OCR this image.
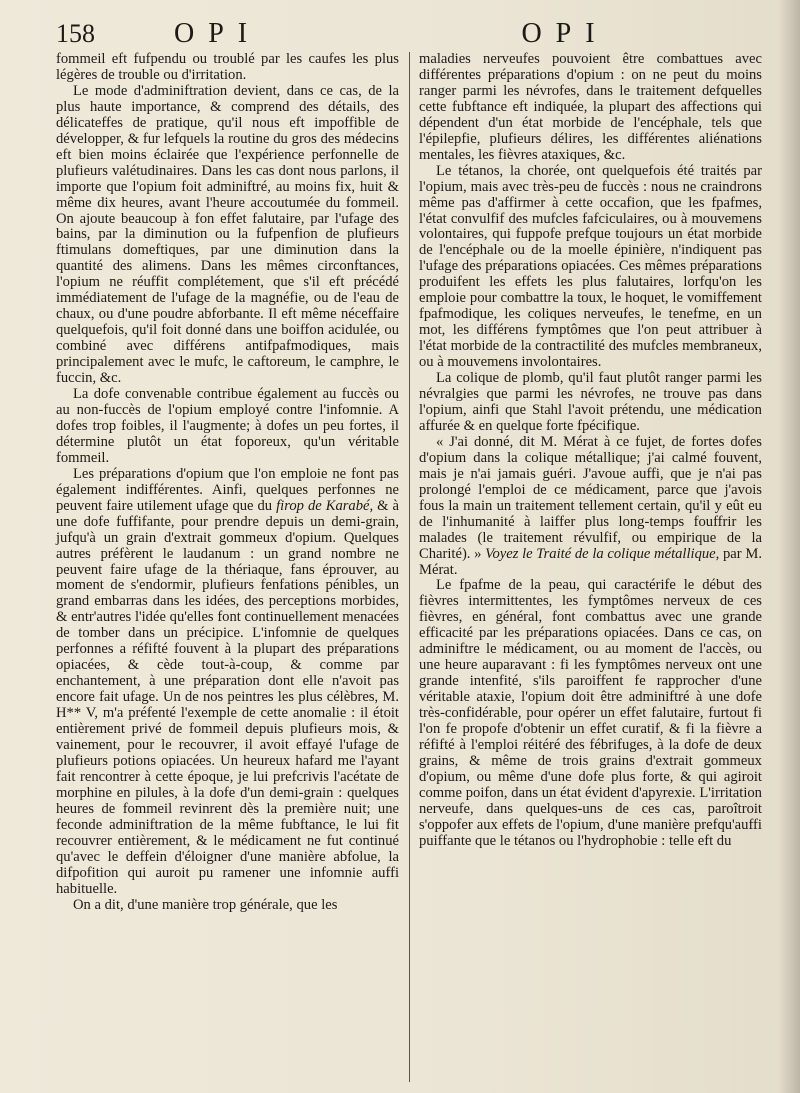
158	OPI	OPI

fommeil eft fufpendu ou troublé par les caufes les plus légères de trouble ou d'irritation.

Le mode d'adminiftration devient, dans ce cas, de la plus haute importance, & comprend des détails, des délicateffes de pratique, qu'il nous eft impoffible de développer, & fur lefquels la routine du gros des médecins eft bien moins éclairée que l'expérience perfonnelle de plufieurs valétudinaires. Dans les cas dont nous parlons, il importe que l'opium foit adminiftré, au moins fix, huit & même dix heures, avant l'heure accoutumée du fommeil. On ajoute beaucoup à fon effet falutaire, par l'ufage des bains, par la diminution ou la fufpenfion de plufieurs ftimulans domeftiques, par une diminution dans la quantité des alimens. Dans les mêmes circonftances, l'opium ne réuffit complétement, que s'il eft précédé immédiatement de l'ufage de la magnéfie, ou de l'eau de chaux, ou d'une poudre abforbante. Il eft même néceffaire quelquefois, qu'il foit donné dans une boiffon acidulée, ou combiné avec différens antifpafmodiques, mais principalement avec le mufc, le caftoreum, le camphre, le fuccin, &c.

La dofe convenable contribue également au fuccès ou au non-fuccès de l'opium employé contre l'infomnie. A dofes trop foibles, il l'augmente; à dofes un peu fortes, il détermine plutôt un état foporeux, qu'un véritable fommeil.

Les préparations d'opium que l'on emploie ne font pas également indifférentes. Ainfi, quelques perfonnes ne peuvent faire utilement ufage que du firop de Karabé, & à une dofe fuffifante, pour prendre depuis un demi-grain, jufqu'à un grain d'extrait gommeux d'opium. Quelques autres préfèrent le laudanum : un grand nombre ne peuvent faire ufage de la thériaque, fans éprouver, au moment de s'endormir, plufieurs fenfations pénibles, un grand embarras dans les idées, des perceptions morbides, & entr'autres l'idée qu'elles font continuellement menacées de tomber dans un précipice. L'infomnie de quelques perfonnes a réfifté fouvent à la plupart des préparations opiacées, & cède tout-à-coup, & comme par enchantement, à une préparation dont elle n'avoit pas encore fait ufage. Un de nos peintres les plus célèbres, M. H** V, m'a préfenté l'exemple de cette anomalie : il étoit entièrement privé de fommeil depuis plufieurs mois, & vainement, pour le recouvrer, il avoit effayé l'ufage de plufieurs potions opiacées. Un heureux hafard me l'ayant fait rencontrer à cette époque, je lui prefcrivis l'acétate de morphine en pilules, à la dofe d'un demi-grain : quelques heures de fommeil revinrent dès la première nuit; une feconde adminiftration de la même fubftance, le lui fit recouvrer entièrement, & le médicament ne fut continué qu'avec le deffein d'éloigner d'une manière abfolue, la difpofition qui auroit pu ramener une infomnie auffi habituelle.

On a dit, d'une manière trop générale, que les

maladies nerveufes pouvoient être combattues avec différentes préparations d'opium : on ne peut du moins ranger parmi les névrofes, dans le traitement defquelles cette fubftance eft indiquée, la plupart des affections qui dépendent d'un état morbide de l'encéphale, tels que l'épilepfie, plufieurs délires, les différentes aliénations mentales, les fièvres ataxiques, &c.

Le tétanos, la chorée, ont quelquefois été traités par l'opium, mais avec très-peu de fuccès : nous ne craindrons même pas d'affirmer à cette occafion, que les fpafmes, l'état convulfif des mufcles fafciculaires, ou à mouvemens volontaires, qui fuppofe prefque toujours un état morbide de l'encéphale ou de la moelle épinière, n'indiquent pas l'ufage des préparations opiacées. Ces mêmes préparations produifent les effets les plus falutaires, lorfqu'on les emploie pour combattre la toux, le hoquet, le vomiffement fpafmodique, les coliques nerveufes, le tenefme, en un mot, les différens fymptômes que l'on peut attribuer à l'état morbide de la contractilité des mufcles membraneux, ou à mouvemens involontaires.

La colique de plomb, qu'il faut plutôt ranger parmi les névralgies que parmi les névrofes, ne trouve pas dans l'opium, ainfi que Stahl l'avoit prétendu, une médication affurée & en quelque forte fpécifique.

« J'ai donné, dit M. Mérat à ce fujet, de fortes dofes d'opium dans la colique métallique; j'ai calmé fouvent, mais je n'ai jamais guéri. J'avoue auffi, que je n'ai pas prolongé l'emploi de ce médicament, parce que j'avois fous la main un traitement tellement certain, qu'il y eût eu de l'inhumanité à laiffer plus long-temps fouffrir les malades (le traitement révulfif, ou empirique de la Charité). » Voyez le Traité de la colique métallique, par M. Mérat.

Le fpafme de la peau, qui caractérife le début des fièvres intermittentes, les fymptômes nerveux de ces fièvres, en général, font combattus avec une grande efficacité par les préparations opiacées. Dans ce cas, on adminiftre le médicament, ou au moment de l'accès, ou une heure auparavant : fi les fymptômes nerveux ont une grande intenfité, s'ils paroiffent fe rapprocher d'une véritable ataxie, l'opium doit être adminiftré à une dofe très-confidérable, pour opérer un effet falutaire, furtout fi l'on fe propofe d'obtenir un effet curatif, & fi la fièvre a réfifté à l'emploi réitéré des fébrifuges, à la dofe de deux grains, & même de trois grains d'extrait gommeux d'opium, ou même d'une dofe plus forte, & qui agiroit comme poifon, dans un état évident d'apyrexie. L'irritation nerveufe, dans quelques-uns de ces cas, paroîtroit s'oppofer aux effets de l'opium, d'une manière prefqu'auffi puiffante que le tétanos ou l'hydrophobie : telle eft du
